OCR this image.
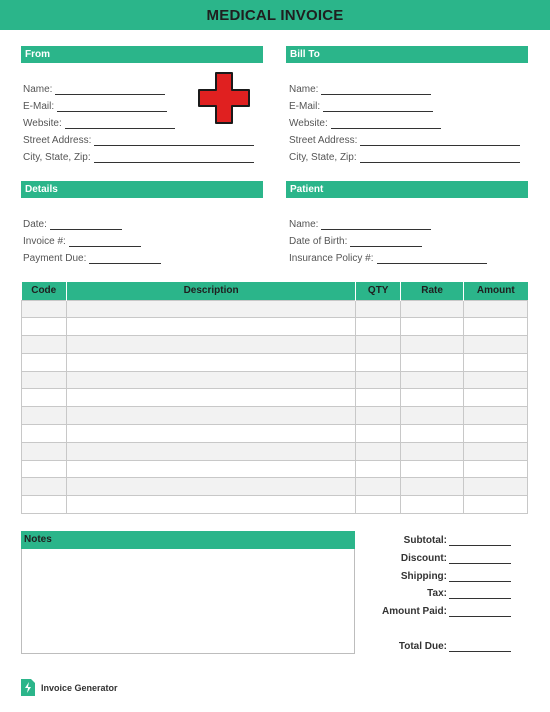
MEDICAL INVOICE
From
Name:
E-Mail:
Website:
Street Address:
City, State, Zip:
Bill To
Name:
E-Mail:
Website:
Street Address:
City, State, Zip:
Details
Date:
Invoice #:
Payment Due:
Patient
Name:
Date of Birth:
Insurance Policy #:
Code	Description	QTY	Rate	Amount

Notes	Subtotal:
Discount:
Shipping:
Tax:
Amount Paid:
Total Due:
Invoice Generator
